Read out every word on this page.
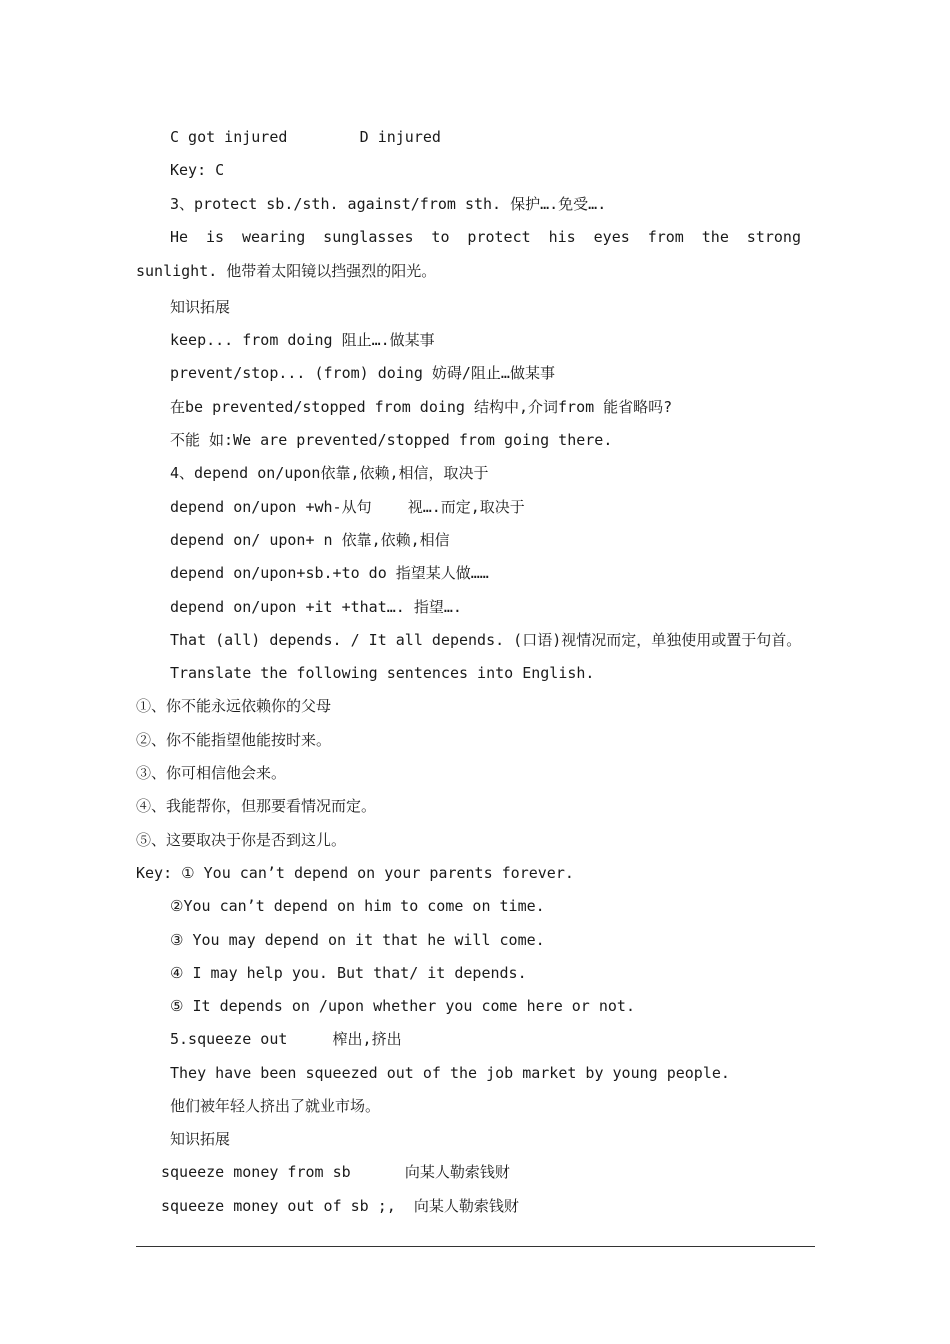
C got injured        D injured
Key: C
3、protect sb./sth. against/from sth. 保护….免受….
He is wearing sunglasses to protect his eyes from the strong sunlight. 他带着太阳镜以挡强烈的阳光。
知识拓展
keep... from doing 阻止….做某事
prevent/stop... (from) doing 妨碍/阻止…做某事
在be prevented/stopped from doing 结构中,介词from 能省略吗?
不能 如:We are prevented/stopped from going there.
4、depend on/upon依靠,依赖,相信，取决于
depend on/upon +wh-从句    视….而定,取决于
depend on/ upon+ n 依靠,依赖,相信
depend on/upon+sb.+to do 指望某人做……
depend on/upon +it +that…. 指望….
That (all) depends. / It all depends. (口语)视情况而定，单独使用或置于句首。
Translate the following sentences into English.
①、你不能永远依赖你的父母
②、你不能指望他能按时来。
③、你可相信他会来。
④、我能帮你，但那要看情况而定。
⑤、这要取决于你是否到这儿。
Key: ① You can’t depend on your parents forever.
②You can’t depend on him to come on time.
③ You may depend on it that he will come.
④ I may help you. But that/ it depends.
⑤ It depends on /upon whether you come here or not.
5.squeeze out     榨出,挤出
They have been squeezed out of the job market by young people.
他们被年轻人挤出了就业市场。
知识拓展
squeeze money from sb      向某人勒索钱财
squeeze money out of sb ;,  向某人勒索钱财
